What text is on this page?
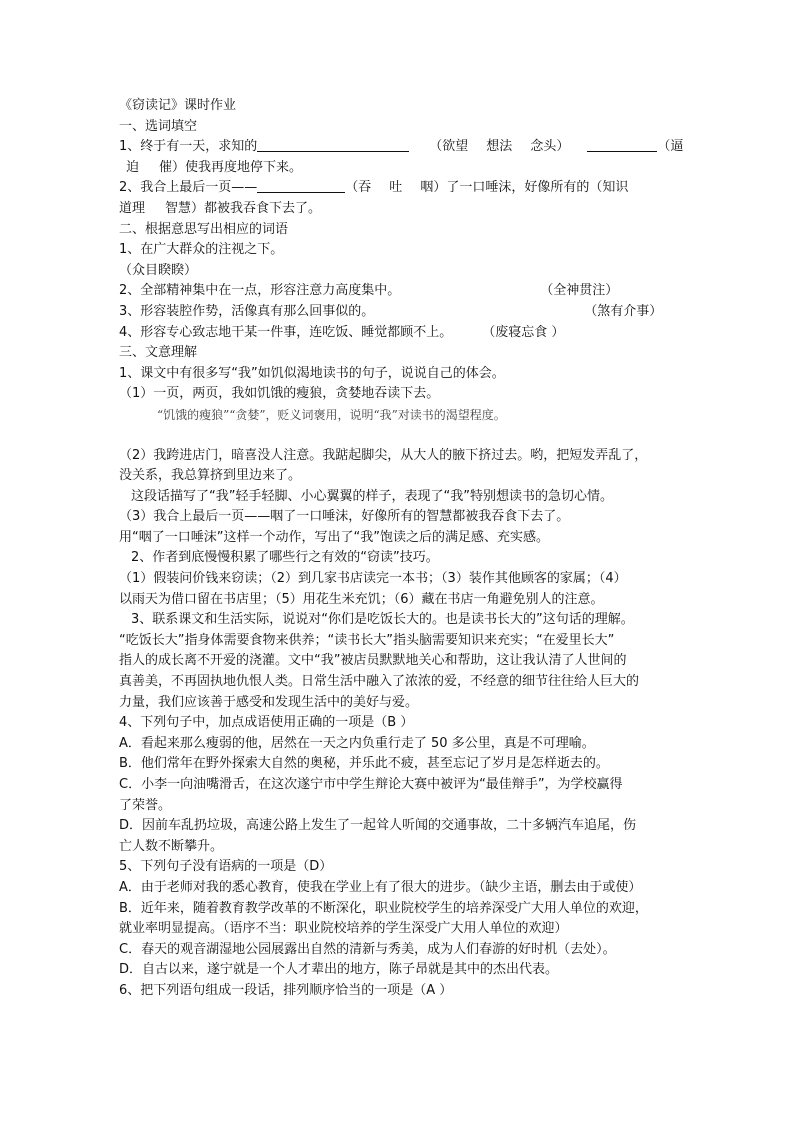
《窃读记》课时作业
一、选词填空
1、终于有一天，求知的	（欲望 想法 念头）	（逼
迫 催）使我再度地停下来。
2、我合上最后一页——	（吞 吐 咽）了一口唾沫，好像所有的（知识
道理 智慧）都被我吞食下去了。
二、根据意思写出相应的词语
1、在广大群众的注视之下。
（众目睽睽）
2、全部精神集中在一点，形容注意力高度集中。	（全神贯注）
3、形容装腔作势，活像真有那么回事似的。	（煞有介事）
4、形容专心致志地干某一件事，连吃饭、睡觉都顾不上。 （废寝忘食 ）
三、文意理解
1、课文中有很多写“我”如饥似渴地读书的句子，说说自己的体会。
（1）一页，两页，我如饥饿的瘦狼，贪婪地吞读下去。
“饥饿的瘦狼”“贪婪”，贬义词褒用，说明“我”对读书的渴望程度。
（2）我跨进店门，暗喜没人注意。我踮起脚尖，从大人的腋下挤过去。哟，把短发弄乱了，
没关系，我总算挤到里边来了。
这段话描写了“我”轻手轻脚、小心翼翼的样子，表现了“我”特别想读书的急切心情。
（3）我合上最后一页——咽了一口唾沫，好像所有的智慧都被我吞食下去了。
用“咽了一口唾沫”这样一个动作，写出了“我”饱读之后的满足感、充实感。
2、作者到底慢慢积累了哪些行之有效的“窃读”技巧。
（1）假装问价钱来窃读；（2）到几家书店读完一本书；（3）装作其他顾客的家属；（4）
以雨天为借口留在书店里；（5）用花生米充饥；（6）藏在书店一角避免别人的注意。
3、联系课文和生活实际，说说对“你们是吃饭长大的。也是读书长大的”这句话的理解。
“吃饭长大”指身体需要食物来供养；“读书长大”指头脑需要知识来充实；“在爱里长大”
指人的成长离不开爱的浇灌。文中“我”被店员默默地关心和帮助，这让我认清了人世间的
真善美，不再固执地仇恨人类。日常生活中融入了浓浓的爱，不经意的细节往往给人巨大的
力量，我们应该善于感受和发现生活中的美好与爱。
4、下列句子中，加点成语使用正确的一项是（B ）
A．看起来那么瘦弱的他，居然在一天之内负重行走了 50 多公里，真是不可理喻。
B．他们常年在野外探索大自然的奥秘，并乐此不疲，甚至忘记了岁月是怎样逝去的。
C．小李一向油嘴滑舌，在这次遂宁市中学生辩论大赛中被评为“最佳辩手”，为学校赢得
了荣誉。
D．因前车乱扔垃圾，高速公路上发生了一起耸人听闻的交通事故，二十多辆汽车追尾，伤
亡人数不断攀升。
5、下列句子没有语病的一项是（D）
A．由于老师对我的悉心教育，使我在学业上有了很大的进步。（缺少主语，删去由于或使）
B．近年来，随着教育教学改革的不断深化，职业院校学生的培养深受广大用人单位的欢迎，
就业率明显提高。（语序不当：职业院校培养的学生深受广大用人单位的欢迎）
C．春天的观音湖湿地公园展露出自然的清新与秀美，成为人们春游的好时机（去处）。
D．自古以来，遂宁就是一个人才辈出的地方，陈子昂就是其中的杰出代表。
6、把下列语句组成一段话，排列顺序恰当的一项是（A ）
